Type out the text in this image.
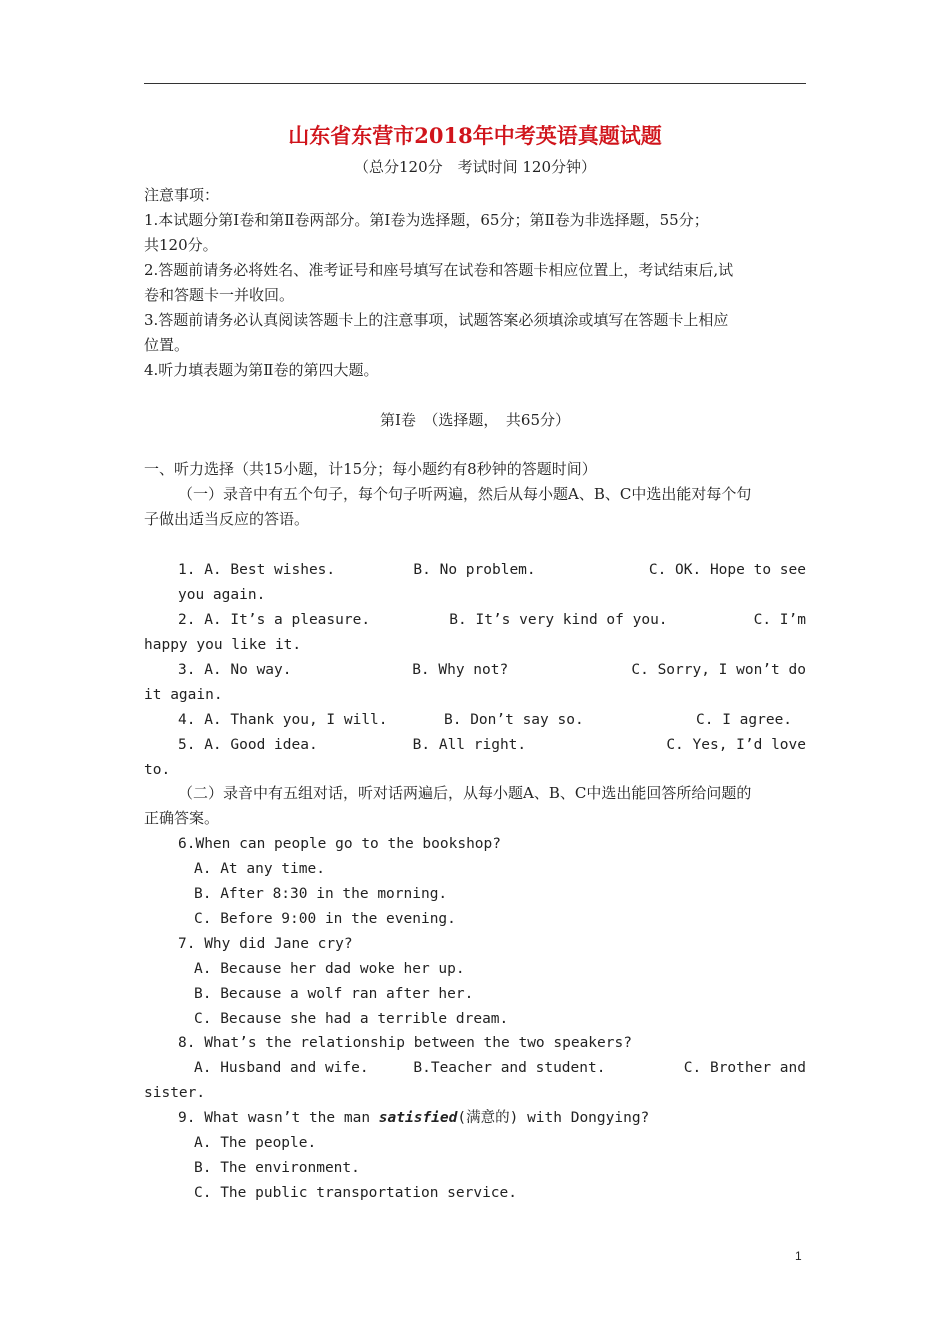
山东省东营市2018年中考英语真题试题
（总分120分　考试时间 120分钟）
注意事项：
1.本试题分第Ⅰ卷和第Ⅱ卷两部分。第Ⅰ卷为选择题，65分；第Ⅱ卷为非选择题，55分；
共120分。
2.答题前请务必将姓名、准考证号和座号填写在试卷和答题卡相应位置上，考试结束后,试
卷和答题卡一并收回。
3.答题前请务必认真阅读答题卡上的注意事项，试题答案必须填涂或填写在答题卡上相应
位置。
4.听力填表题为第Ⅱ卷的第四大题。
第Ⅰ卷　（选择题，　共65分）
一、听力选择（共15小题，计15分；每小题约有8秒钟的答题时间）
（一）录音中有五个句子，每个句子听两遍，然后从每小题A、B、C中选出能对每个句
子做出适当反应的答语。
1. A. Best wishes.	B. No problem.	C. OK. Hope to see
you again.
2. A. It’s a pleasure.	B. It’s very kind of you.	C. I’m
happy you like it.
3. A. No way.	B. Why not?	C. Sorry, I won’t do
it again.
4. A. Thank you, I will.	B. Don’t say so.	C. I agree.
5. A. Good idea.	B. All right.	C. Yes, I’d love
to.
（二）录音中有五组对话，听对话两遍后，从每小题A、B、C中选出能回答所给问题的
正确答案。
6.When can people go to the bookshop?
A. At any time.
B. After 8:30 in the morning.
C. Before 9:00 in the evening.
7. Why did Jane cry?
A. Because her dad woke her up.
B. Because a wolf ran after her.
C. Because she had a terrible dream.
8. What’s the relationship between the two speakers?
A. Husband and wife.	B.Teacher and student.	C. Brother and
sister.
9. What wasn’t the man satisfied(满意的) with Dongying?
A. The people.
B. The environment.
C. The public transportation service.
1
